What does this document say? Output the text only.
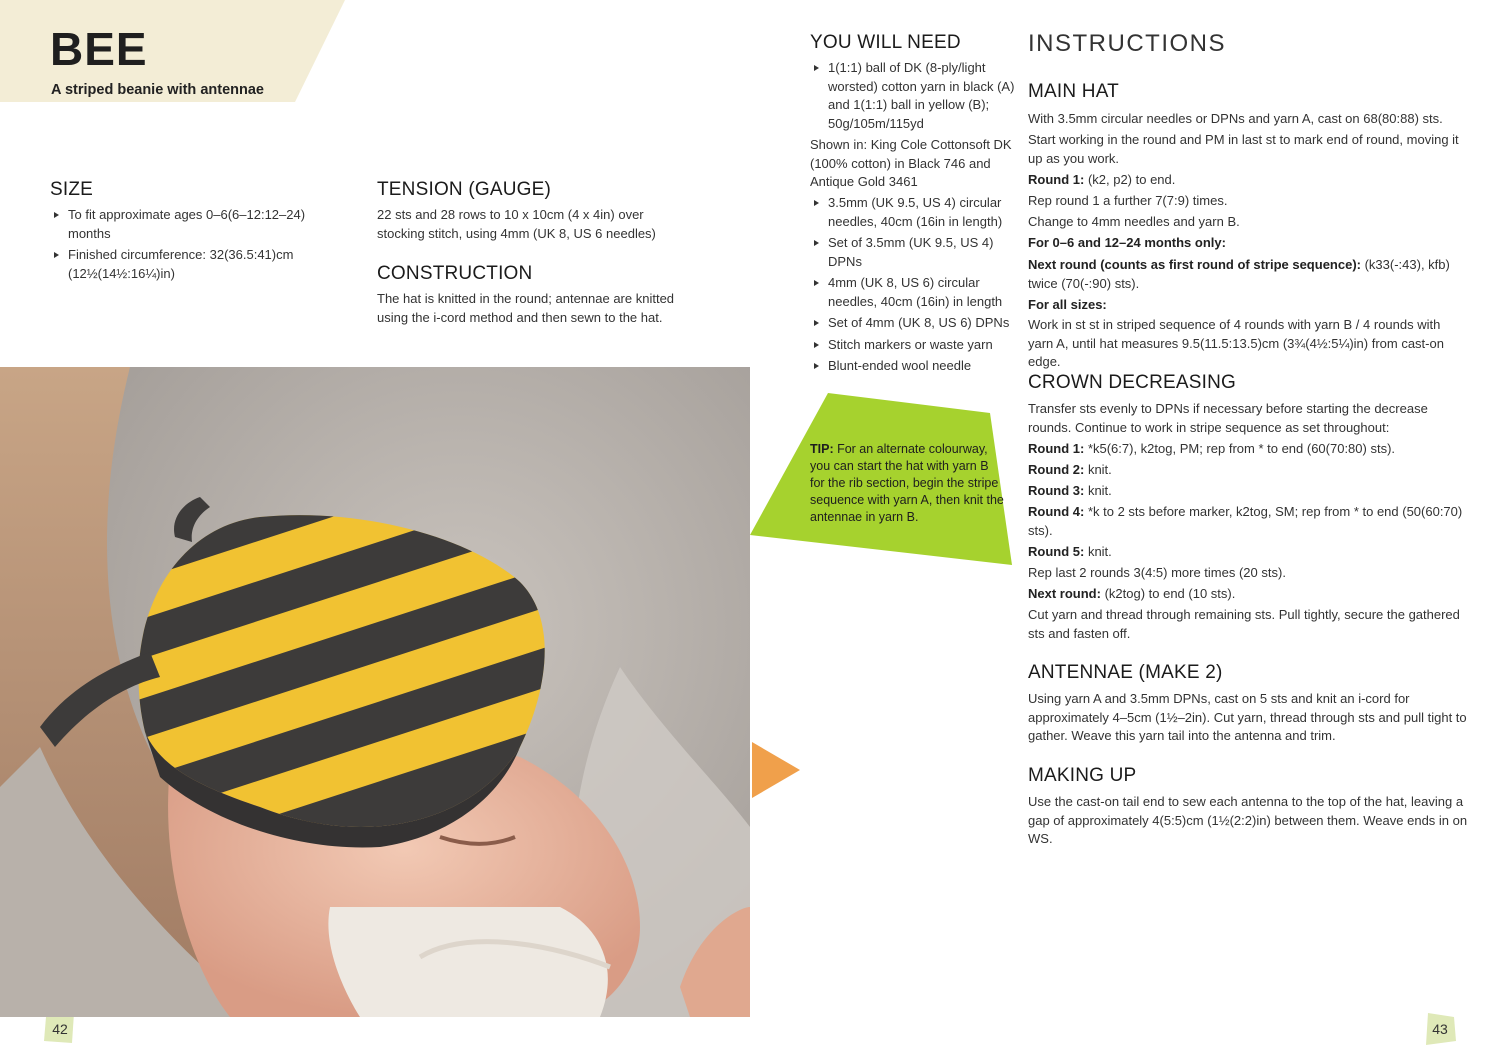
BEE

A striped beanie with antennae

SIZE
To fit approximate ages 0–6(6–12:12–24) months
Finished circumference: 32(36.5:41)cm (12½(14½:16¼)in)
TENSION (GAUGE)

22 sts and 28 rows to 10 x 10cm (4 x 4in) over stocking stitch, using 4mm (UK 8, US 6 needles)

CONSTRUCTION

The hat is knitted in the round; antennae are knitted using the i-cord method and then sewn to the hat.

YOU WILL NEED
1(1:1) ball of DK (8-ply/light worsted) cotton yarn in black (A) and 1(1:1) ball in yellow (B); 50g/105m/115yd

Shown in: King Cole Cottonsoft DK (100% cotton) in Black 746 and Antique Gold 3461

3.5mm (UK 9.5, US 4) circular needles, 40cm (16in in length)
Set of 3.5mm (UK 9.5, US 4) DPNs
4mm (UK 8, US 6) circular needles, 40cm (16in) in length
Set of 4mm (UK 8, US 6) DPNs
Stitch markers or waste yarn
Blunt-ended wool needle

TIP: For an alternate colourway, you can start the hat with yarn B for the rib section, begin the stripe sequence with yarn A, then knit the antennae in yarn B.

INSTRUCTIONS
MAIN HAT

With 3.5mm circular needles or DPNs and yarn A, cast on 68(80:88) sts.

Start working in the round and PM in last st to mark end of round, moving it up as you work.

Round 1: (k2, p2) to end.

Rep round 1 a further 7(7:9) times.

Change to 4mm needles and yarn B.

For 0–6 and 12–24 months only:

Next round (counts as first round of stripe sequence): (k33(-:43), kfb) twice (70(-:90) sts).

For all sizes:

Work in st st in striped sequence of 4 rounds with yarn B / 4 rounds with yarn A, until hat measures 9.5(11.5:13.5)cm (3¾(4½:5¼)in) from cast-on edge.

CROWN DECREASING

Transfer sts evenly to DPNs if necessary before starting the decrease rounds. Continue to work in stripe sequence as set throughout:

Round 1: *k5(6:7), k2tog, PM; rep from * to end (60(70:80) sts).

Round 2: knit.

Round 3: knit.

Round 4: *k to 2 sts before marker, k2tog, SM; rep from * to end (50(60:70) sts).

Round 5: knit.

Rep last 2 rounds 3(4:5) more times (20 sts).

Next round: (k2tog) to end (10 sts).

Cut yarn and thread through remaining sts. Pull tightly, secure the gathered sts and fasten off.

ANTENNAE (MAKE 2)

Using yarn A and 3.5mm DPNs, cast on 5 sts and knit an i-cord for approximately 4–5cm (1½–2in). Cut yarn, thread through sts and pull tight to gather. Weave this yarn tail into the antenna and trim.

MAKING UP

Use the cast-on tail end to sew each antenna to the top of the hat, leaving a gap of approximately 4(5:5)cm (1½(2:2)in) between them. Weave ends in on WS.

42	43
